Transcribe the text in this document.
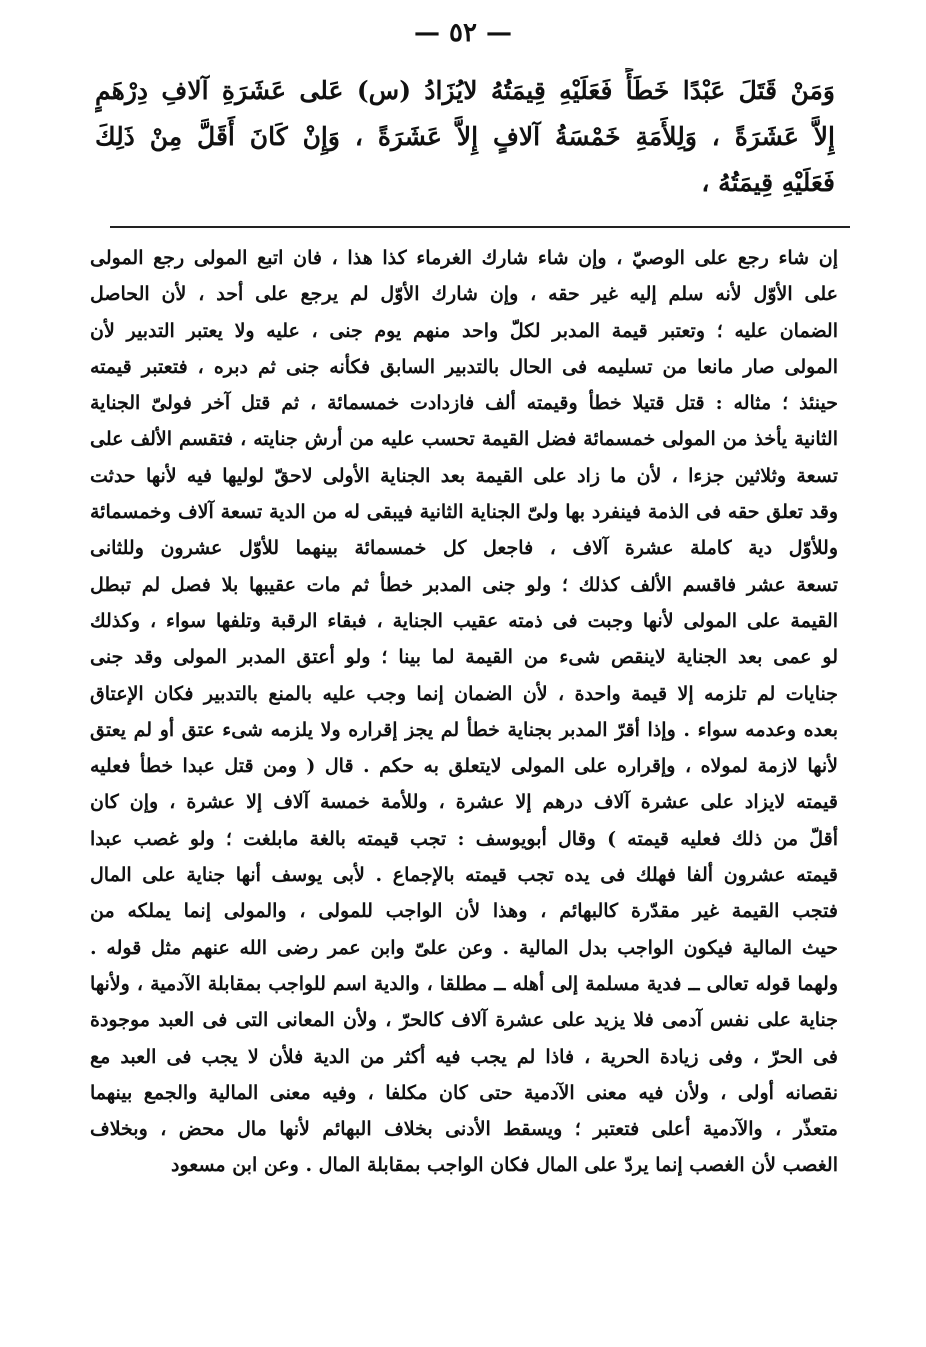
— ٥٢ —
وَمَنْ قَتَلَ عَبْدًا خَطَأً فَعَلَيْهِ قِيمَتُهُ لايُزَادُ (س) عَلى عَشَرَةِ آلافِ دِرْهَمٍ
إِلاَّ عَشَرَةً ، وَلِلأَمَةِ خَمْسَةُ آلافٍ إِلاَّ عَشَرَةً ، وَإِنْ كَانَ أَقَلَّ مِنْ ذَلِكَ
فَعَلَيْهِ قِيمَتُهُ ،
إن شاء رجع على الوصيّ ، وإن شاء شارك الغرماء كذا هذا ، فان اتبع المولى رجع المولى
على الأوّل لأنه سلم إليه غير حقه ، وإن شارك الأوّل لم يرجع على أحد ، لأن الحاصل
الضمان عليه ؛ وتعتبر قيمة المدبر لكلّ واحد منهم يوم جنى ، عليه ولا يعتبر التدبير لأن
المولى صار مانعا من تسليمه فى الحال بالتدبير السابق فكأنه جنى ثم دبره ، فتعتبر قيمته
حينئذ ؛ مثاله : قتل قتيلا خطأ وقيمته ألف فازدادت خمسمائة ، ثم قتل آخر فولىّ الجناية
الثانية يأخذ من المولى خمسمائة فضل القيمة تحسب عليه من أرش جنايته ، فتقسم الألف على
تسعة وثلاثين جزءا ، لأن ما زاد على القيمة بعد الجناية الأولى لاحقّ لوليها فيه لأنها حدثت
وقد تعلق حقه فى الذمة فينفرد بها ولىّ الجناية الثانية فيبقى له من الدية تسعة آلاف وخمسمائة
وللأوّل دية كاملة عشرة آلاف ، فاجعل كل خمسمائة بينهما للأوّل عشرون وللثانى
تسعة عشر فاقسم الألف كذلك ؛ ولو جنى المدبر خطأ ثم مات عقيبها بلا فصل لم تبطل
القيمة على المولى لأنها وجبت فى ذمته عقيب الجناية ، فبقاء الرقبة وتلفها سواء ، وكذلك
لو عمى بعد الجناية لاينقص شىء من القيمة لما بينا ؛ ولو أعتق المدبر المولى وقد جنى
جنايات لم تلزمه إلا قيمة واحدة ، لأن الضمان إنما وجب عليه بالمنع بالتدبير فكان الإعتاق
بعده وعدمه سواء . وإذا أقرّ المدبر بجناية خطأ لم يجز إقراره ولا يلزمه شىء عتق أو لم يعتق
لأنها لازمة لمولاه ، وإقراره على المولى لايتعلق به حكم . قال ( ومن قتل عبدا خطأ فعليه
قيمته لايزاد على عشرة آلاف درهم إلا عشرة ، وللأمة خمسة آلاف إلا عشرة ، وإن كان
أقلّ من ذلك فعليه قيمته ) وقال أبويوسف : تجب قيمته بالغة مابلغت ؛ ولو غصب عبدا
قيمته عشرون ألفا فهلك فى يده تجب قيمته بالإجماع . لأبى يوسف أنها جناية على المال
فتجب القيمة غير مقدّرة كالبهائم ، وهذا لأن الواجب للمولى ، والمولى إنما يملكه من
حيث المالية فيكون الواجب بدل المالية . وعن علىّ وابن عمر رضى الله عنهم مثل قوله .
ولهما قوله تعالى ــ فدية مسلمة إلى أهله ــ مطلقا ، والدية اسم للواجب بمقابلة الآدمية ، ولأنها
جناية على نفس آدمى فلا يزيد على عشرة آلاف كالحرّ ، ولأن المعانى التى فى العبد موجودة
فى الحرّ ، وفى زيادة الحرية ، فاذا لم يجب فيه أكثر من الدية فلأن لا يجب فى العبد مع
نقصانه أولى ، ولأن فيه معنى الآدمية حتى كان مكلفا ، وفيه معنى المالية والجمع بينهما
متعذّر ، والآدمية أعلى فتعتبر ؛ ويسقط الأدنى بخلاف البهائم لأنها مال محض ، وبخلاف
الغصب لأن الغصب إنما يردّ على المال فكان الواجب بمقابلة المال . وعن ابن مسعود
